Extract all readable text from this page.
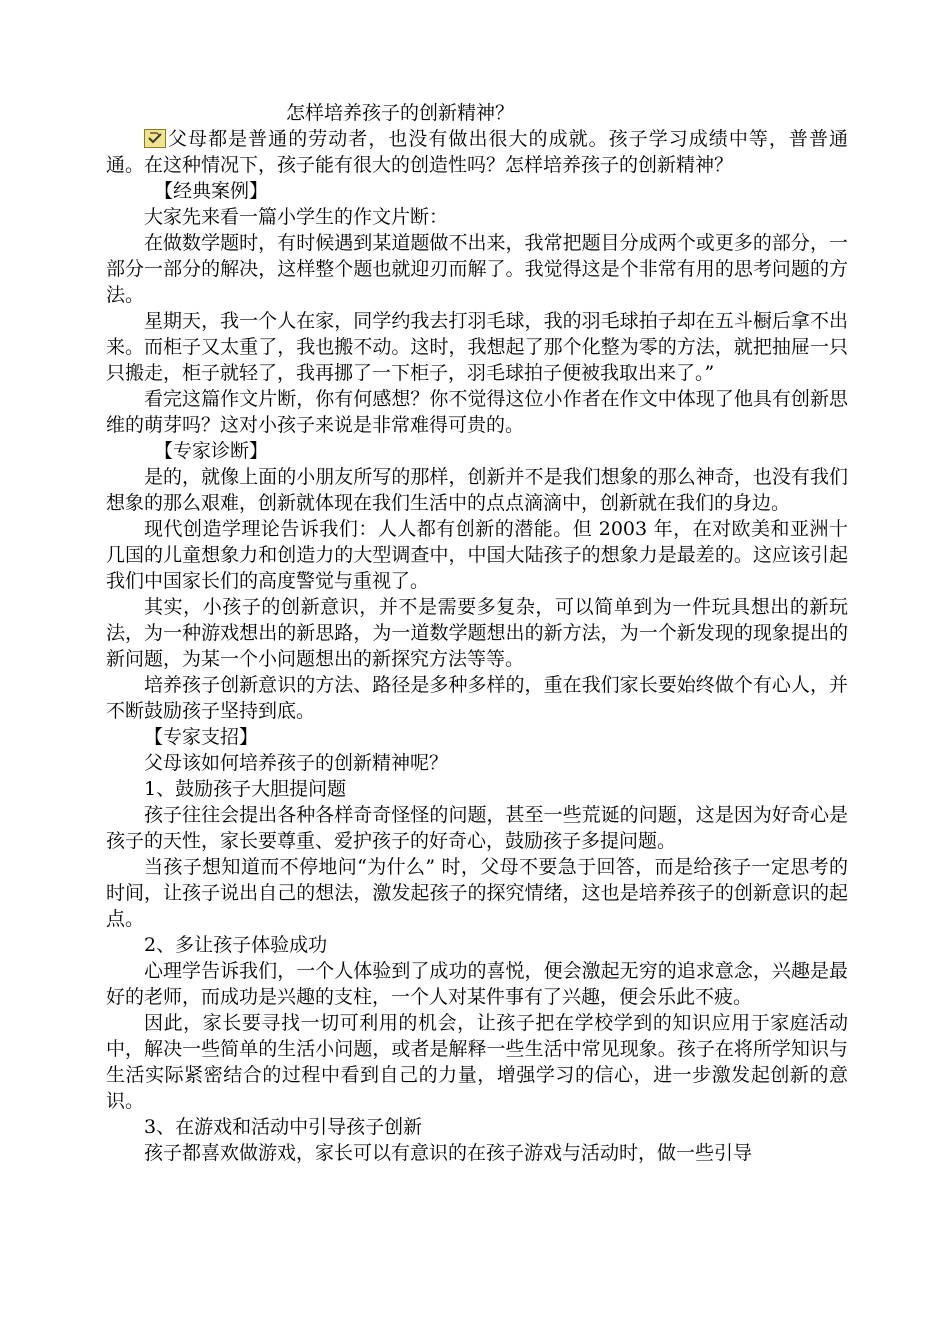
怎样培养孩子的创新精神？

父母都是普通的劳动者，也没有做出很大的成就。孩子学习成绩中等，普普通通。在这种情况下，孩子能有很大的创造性吗？怎样培养孩子的创新精神？

【经典案例】

大家先来看一篇小学生的作文片断：

在做数学题时，有时候遇到某道题做不出来，我常把题目分成两个或更多的部分，一部分一部分的解决，这样整个题也就迎刃而解了。我觉得这是个非常有用的思考问题的方法。

星期天，我一个人在家，同学约我去打羽毛球，我的羽毛球拍子却在五斗橱后拿不出来。而柜子又太重了，我也搬不动。这时，我想起了那个化整为零的方法，就把抽屉一只只搬走，柜子就轻了，我再挪了一下柜子，羽毛球拍子便被我取出来了。”

看完这篇作文片断，你有何感想？你不觉得这位小作者在作文中体现了他具有创新思维的萌芽吗？这对小孩子来说是非常难得可贵的。

【专家诊断】

是的，就像上面的小朋友所写的那样，创新并不是我们想象的那么神奇，也没有我们想象的那么艰难，创新就体现在我们生活中的点点滴滴中，创新就在我们的身边。

现代创造学理论告诉我们：人人都有创新的潜能。但 2003 年，在对欧美和亚洲十几国的儿童想象力和创造力的大型调查中，中国大陆孩子的想象力是最差的。这应该引起我们中国家长们的高度警觉与重视了。

其实，小孩子的创新意识，并不是需要多复杂，可以简单到为一件玩具想出的新玩法，为一种游戏想出的新思路，为一道数学题想出的新方法，为一个新发现的现象提出的新问题，为某一个小问题想出的新探究方法等等。

培养孩子创新意识的方法、路径是多种多样的，重在我们家长要始终做个有心人，并不断鼓励孩子坚持到底。

【专家支招】

父母该如何培养孩子的创新精神呢？

1、鼓励孩子大胆提问题

孩子往往会提出各种各样奇奇怪怪的问题，甚至一些荒诞的问题，这是因为好奇心是孩子的天性，家长要尊重、爱护孩子的好奇心，鼓励孩子多提问题。

当孩子想知道而不停地问“为什么” 时，父母不要急于回答，而是给孩子一定思考的时间，让孩子说出自己的想法，激发起孩子的探究情绪，这也是培养孩子的创新意识的起点。

2、多让孩子体验成功

心理学告诉我们，一个人体验到了成功的喜悦，便会激起无穷的追求意念，兴趣是最好的老师，而成功是兴趣的支柱，一个人对某件事有了兴趣，便会乐此不疲。

因此，家长要寻找一切可利用的机会，让孩子把在学校学到的知识应用于家庭活动中，解决一些简单的生活小问题，或者是解释一些生活中常见现象。孩子在将所学知识与生活实际紧密结合的过程中看到自己的力量，增强学习的信心，进一步激发起创新的意识。

3、在游戏和活动中引导孩子创新

孩子都喜欢做游戏，家长可以有意识的在孩子游戏与活动时，做一些引导
